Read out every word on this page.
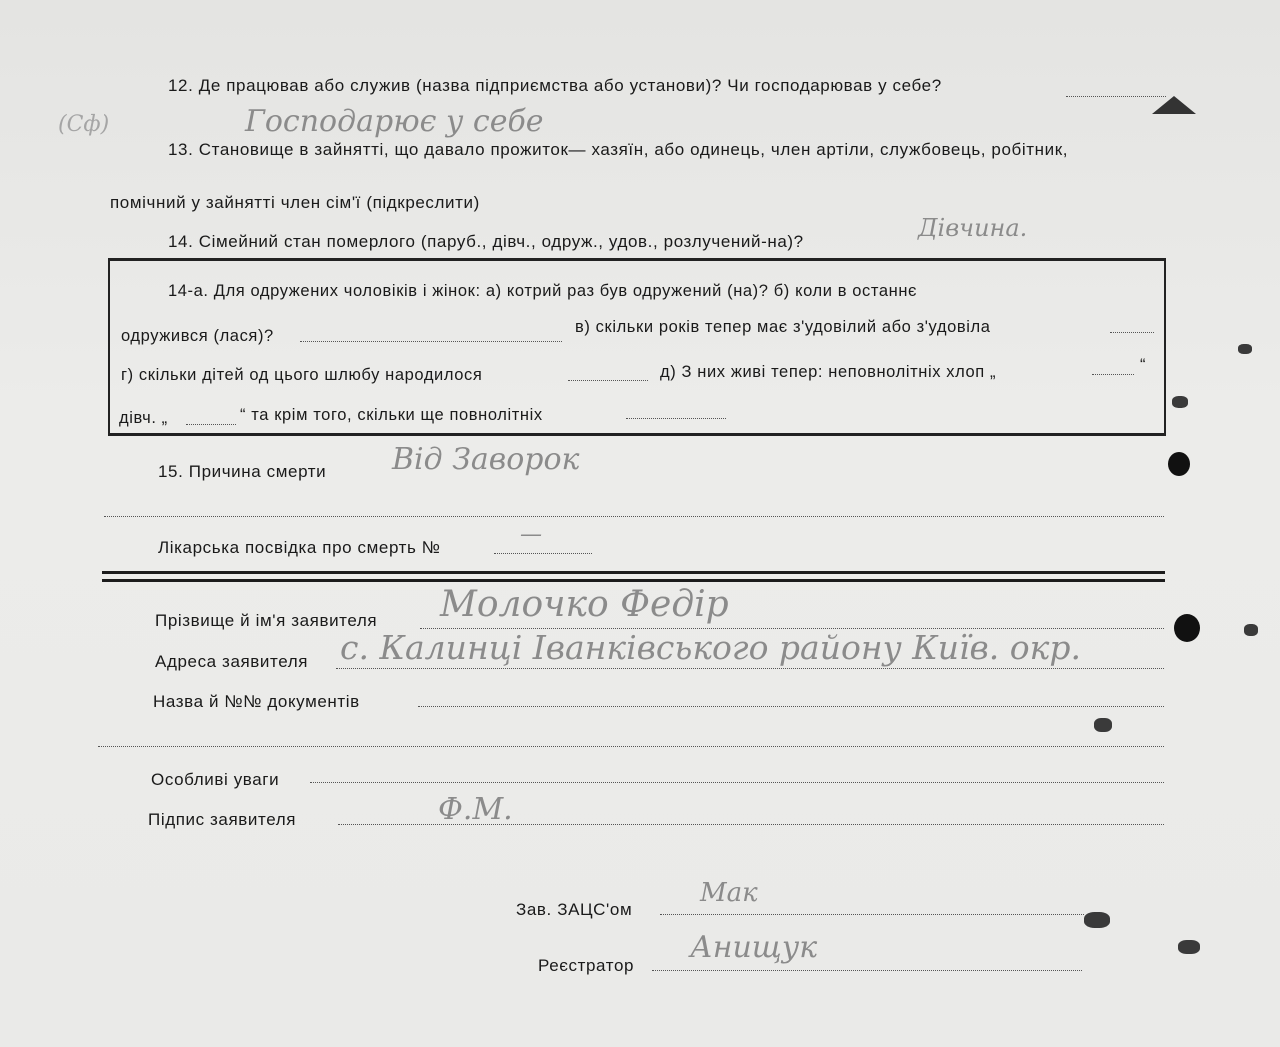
12. Де працював або служив (назва підприємства або установи)? Чи господарював у себе?
Господарює у себе
(Сф)
13. Становище в зайнятті, що давало прожиток— хазяїн, або одинець, член артіли, службовець, робітник,
помічний у зайнятті член сім'ї (підкреслити)
14. Сімейний стан померлого (паруб., дівч., одруж., удов., розлучений-на)?	Дівчина.
14-а. Для одружених чоловіків і жінок: а) котрий раз був одружений (на)? б) коли в останнє
одружився (лася)?	в) скільки років тепер має з'удовілий або з'удовіла
г) скільки дітей од цього шлюбу народилося	д) З них живі тепер: неповнолітніх хлоп „	“
дівч. „	“ та крім того, скільки ще повнолітніх
15. Причина смерти Від Заворок
Лікарська посвідка про смерть №
—
Прізвище й ім'я заявителя Молочко Федір
Адреса заявителя с. Калинці Іванківського району Київ. окр.
Назва й №№ документів
Особливі уваги
Підпис заявителя	Ф.М.
Зав. ЗАЦС'ом
Мак
Реєстратор
Анищук
